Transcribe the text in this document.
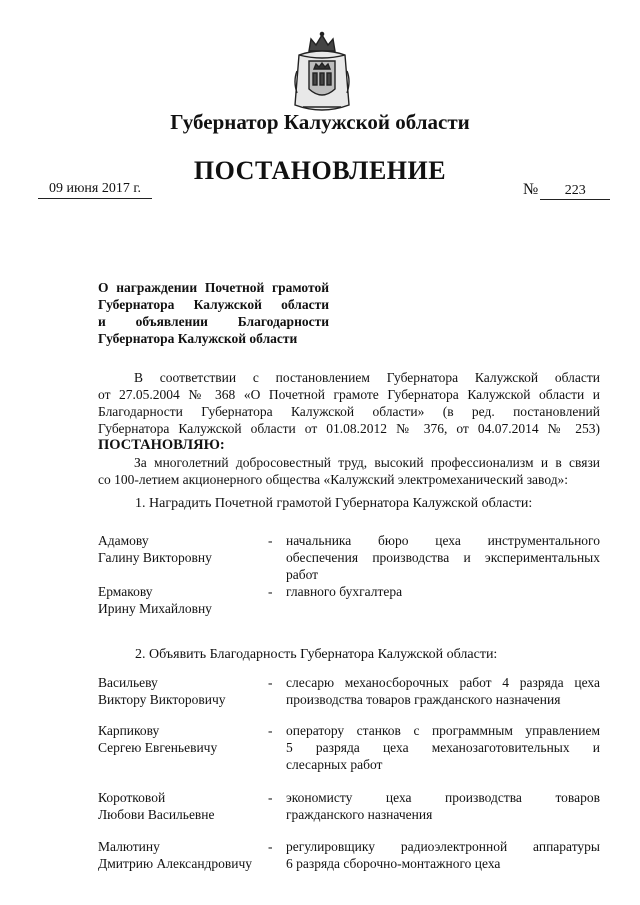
Губернатор Калужской области
ПОСТАНОВЛЕНИЕ
09 июня 2017 г.	№ 223
О награждении Почетной грамотой
Губернатора Калужской области
и объявлении Благодарности
Губернатора Калужской области
В соответствии с постановлением Губернатора Калужской области
от 27.05.2004 № 368 «О Почетной грамоте Губернатора Калужской области и
Благодарности Губернатора Калужской области» (в ред. постановлений
Губернатора Калужской области от 01.08.2012 № 376, от 04.07.2014 № 253)
ПОСТАНОВЛЯЮ:
За многолетний добросовестный труд, высокий профессионализм и в связи
со 100-летием акционерного общества «Калужский электромеханический завод»:
1. Наградить Почетной грамотой Губернатора Калужской области:
Адамову
Галину Викторовну
- начальника бюро цеха инструментального
обеспечения производства и экспериментальных
работ
Ермакову
Ирину Михайловну
- главного бухгалтера
2. Объявить Благодарность Губернатора Калужской области:
Васильеву
Виктору Викторовичу
- слесарю механосборочных работ 4 разряда цеха
производства товаров гражданского назначения
Карпикову
Сергею Евгеньевичу
- оператору станков с программным управлением
5 разряда цеха механозаготовительных и
слесарных работ
Коротковой
Любови Васильевне
- экономисту цеха производства товаров
гражданского назначения
Малютину
Дмитрию Александровичу
- регулировщику радиоэлектронной аппаратуры
6 разряда сборочно-монтажного цеха
